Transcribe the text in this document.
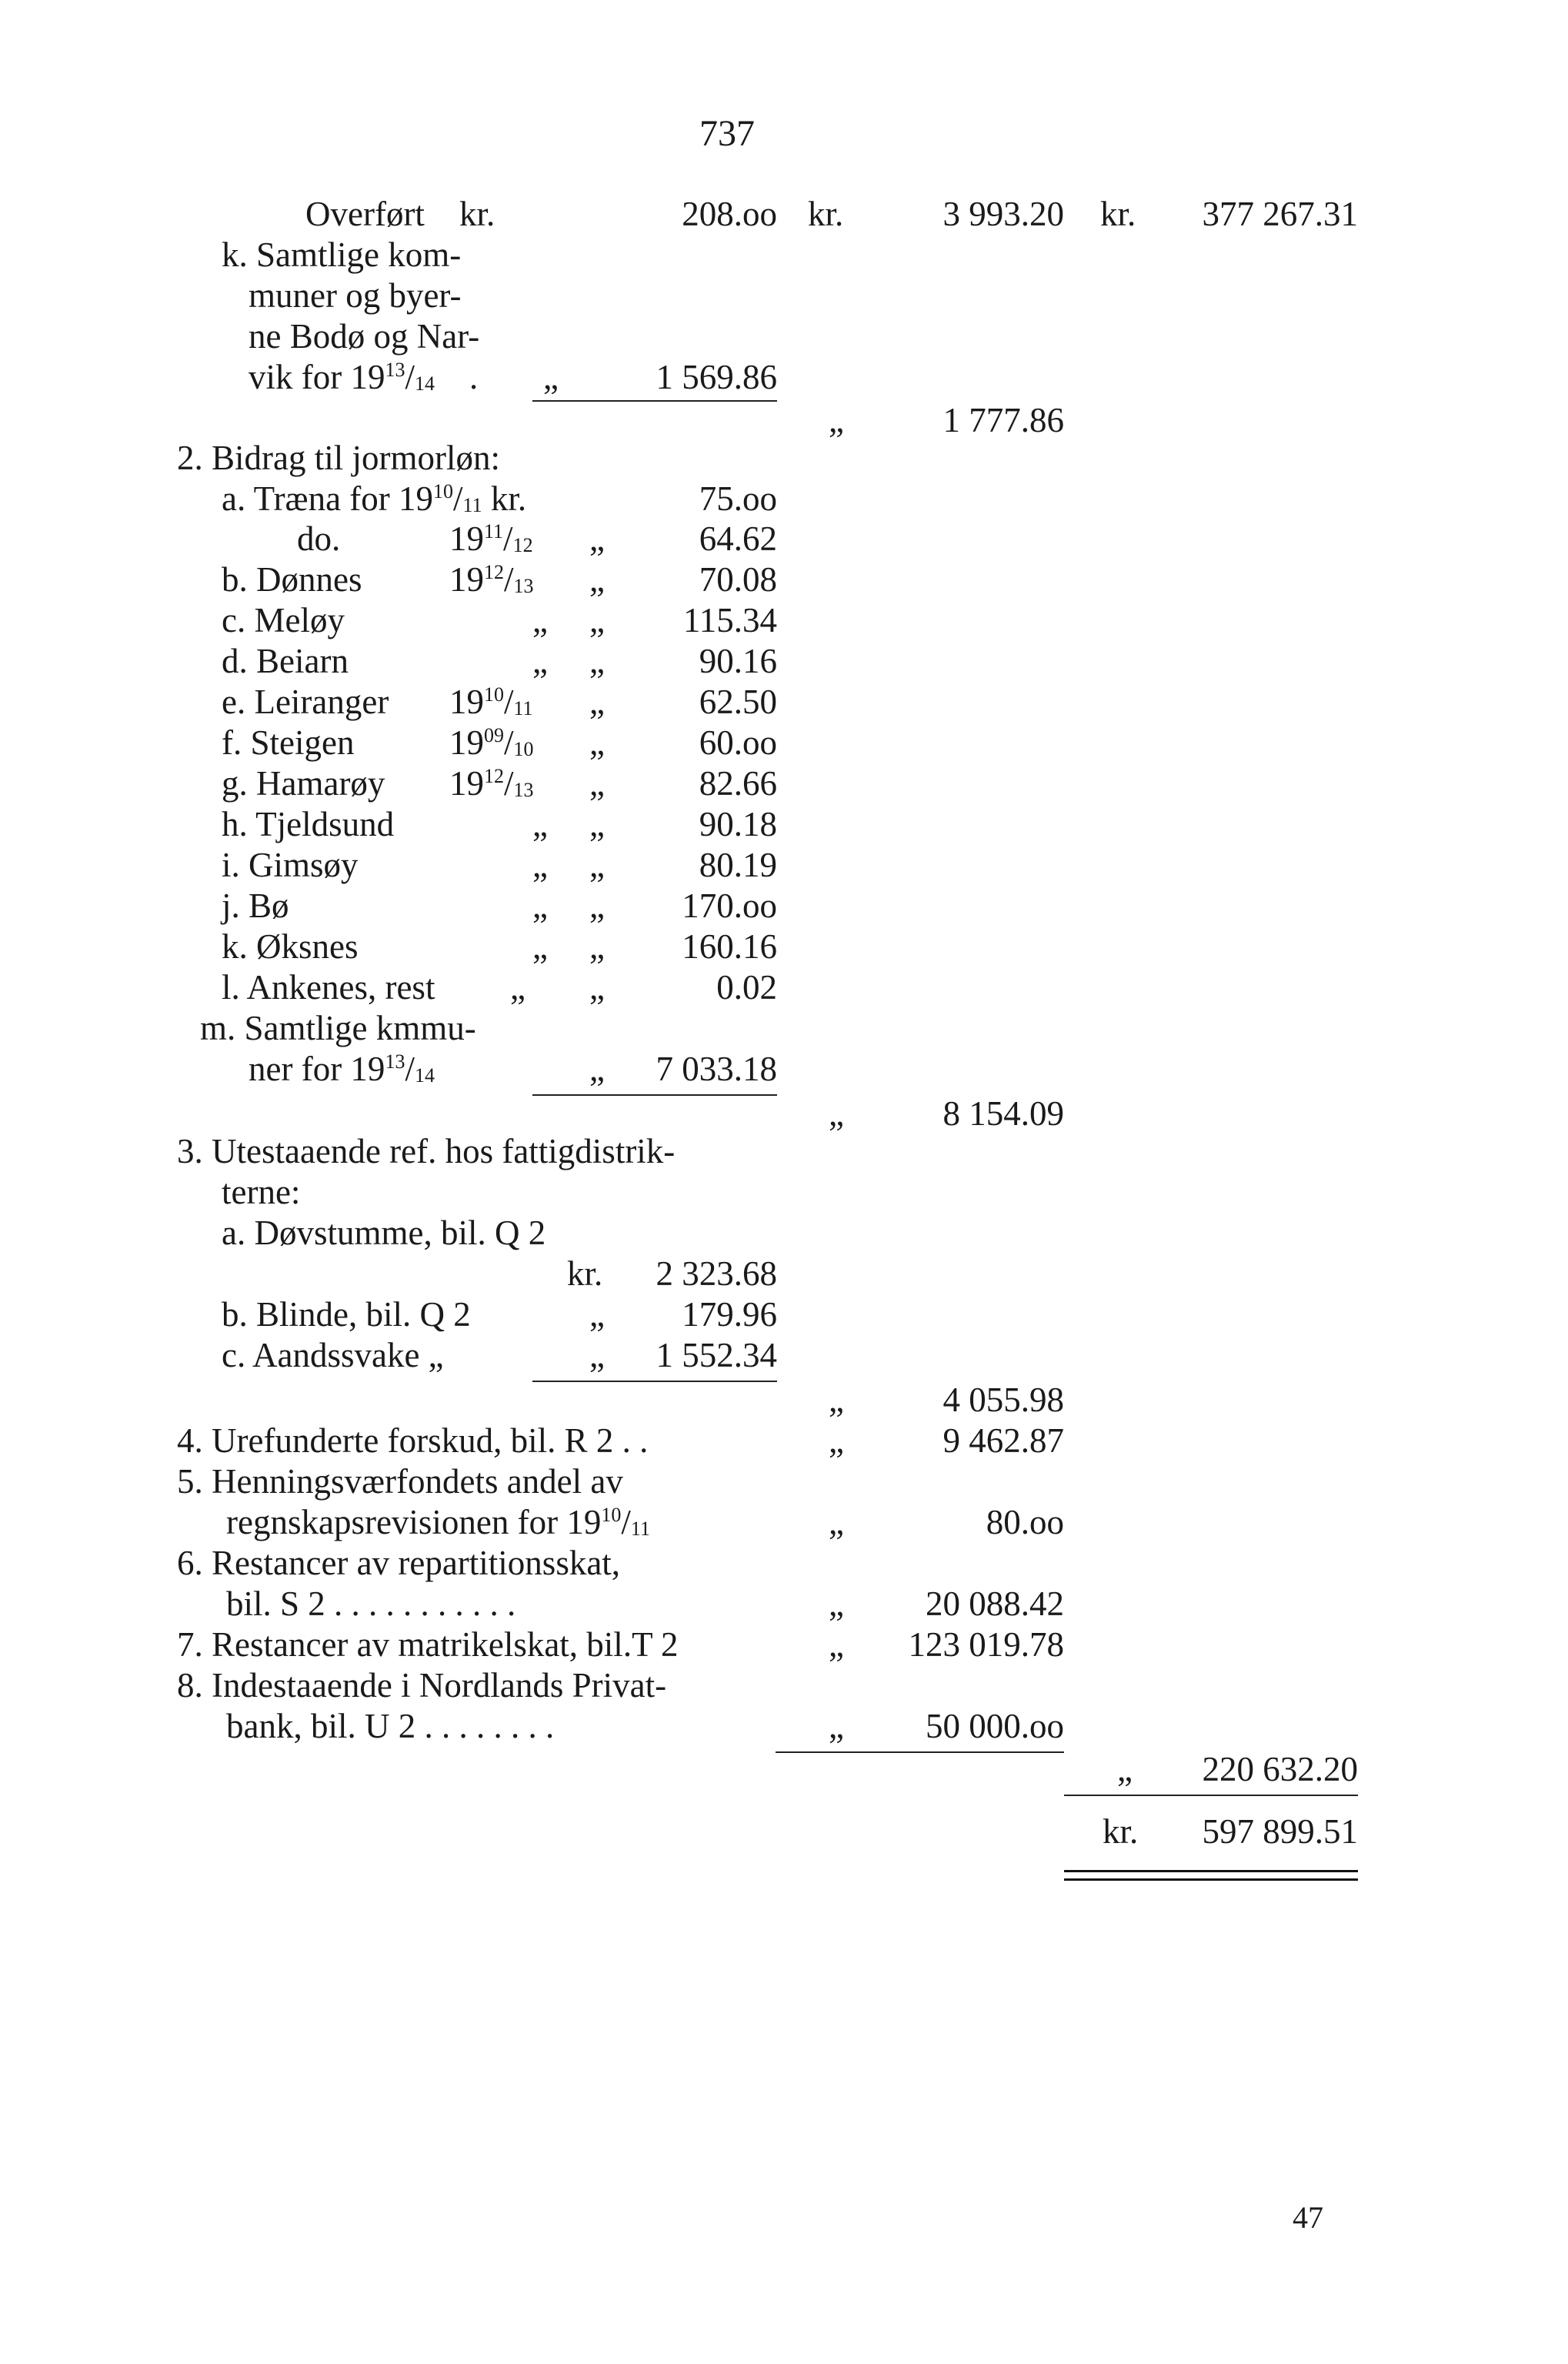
737
Overført kr.	208.oo kr.	3 993.20 kr.	377 267.31
k. Samtlige kom-
muner og byer-
ne Bodø og Nar-
vik for $19^{13}/_{14}$ . „	1 569.86
„	1 777.86
2. Bidrag til jormorløn:
a. Træna for $19^{10}/_{11}$ kr.	75.oo
do.	$19^{11}/_{12}$ „	64.62
b. Dønnes	$19^{12}/_{13}$ „	70.08
c. Meløy	„ „	115.34
d. Beiarn	„ „	90.16
e. Leiranger $19^{10}/_{11}$ „	62.50
f. Steigen	$19^{09}/_{10}$ „	60.oo
g. Hamarøy $19^{12}/_{13}$ „	82.66
h. Tjeldsund	„ „	90.18
i. Gimsøy	„ „	80.19
j. Bø	„ „	170.oo
k. Øksnes	„ „	160.16
l. Ankenes, rest „ „	0.02
m. Samtlige kmmu-
ner for $19^{13}/_{14}$	„	7 033.18
„	8 154.09
3. Utestaaende ref. hos fattigdistrik-
terne:
a. Døvstumme, bil. Q 2
kr.	2 323.68
b. Blinde, bil. Q 2	„	179.96
c. Aandssvake „	„	1 552.34
„	4 055.98
4. Urefunderte forskud, bil. R 2 . .	„	9 462.87
5. Henningsværfondets andel av
regnskapsrevisionen for $19^{10}/_{11}$	„	80.oo
6. Restancer av repartitionsskat,
bil. S 2 . . . . . . . . . . .	„	20 088.42
7. Restancer av matrikelskat, bil.T 2	„	123 019.78
8. Indestaaende i Nordlands Privat-
bank, bil. U 2 . . . . . . . .	„	50 000.oo
„	220 632.20
kr.	597 899.51
47
